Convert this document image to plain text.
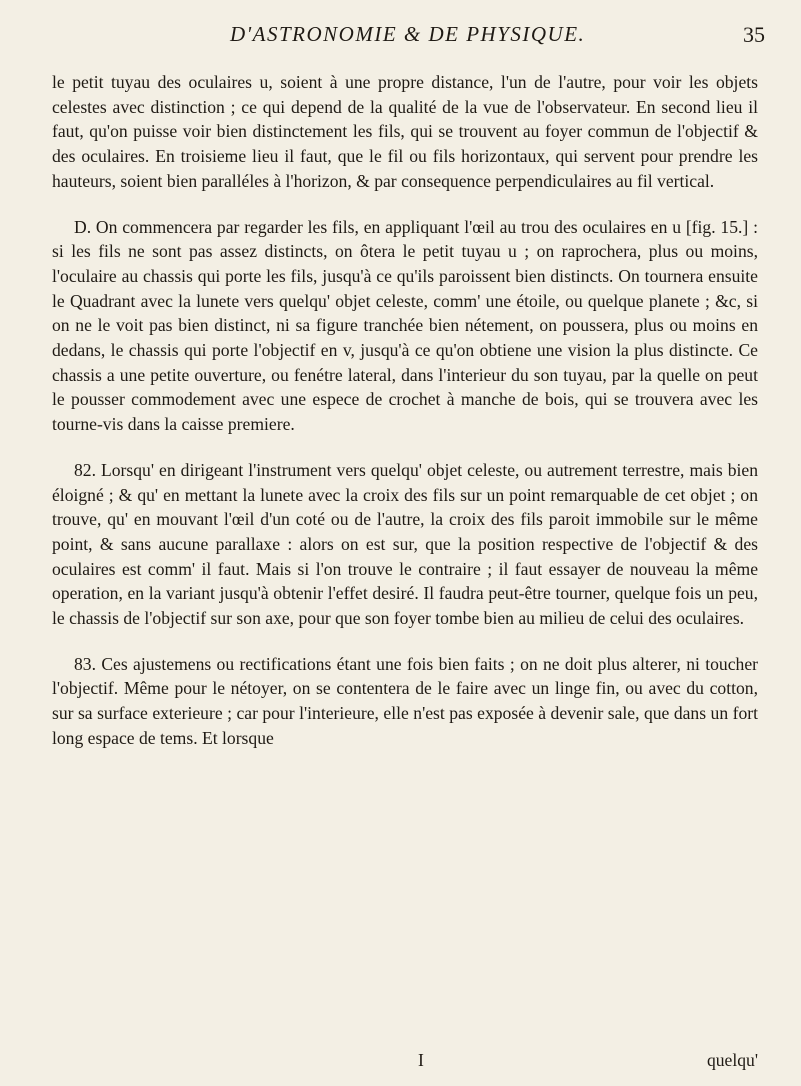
D'ASTRONOMIE & DE PHYSIQUE.	35

le petit tuyau des oculaires u, soient à une propre distance, l'un de l'autre, pour voir les objets celestes avec distinction ; ce qui depend de la qualité de la vue de l'observateur. En second lieu il faut, qu'on puisse voir bien distinctement les fils, qui se trouvent au foyer commun de l'objectif & des oculaires. En troisieme lieu il faut, que le fil ou fils horizontaux, qui servent pour prendre les hauteurs, soient bien paralléles à l'horizon, & par consequence perpendiculaires au fil vertical.

D. On commencera par regarder les fils, en appliquant l'œil au trou des oculaires en u [fig. 15.] : si les fils ne sont pas assez distincts, on ôtera le petit tuyau u ; on raprochera, plus ou moins, l'oculaire au chassis qui porte les fils, jusqu'à ce qu'ils paroissent bien distincts. On tournera ensuite le Quadrant avec la lunete vers quelqu' objet celeste, comm' une étoile, ou quelque planete ; &c, si on ne le voit pas bien distinct, ni sa figure tranchée bien nétement, on poussera, plus ou moins en dedans, le chassis qui porte l'objectif en v, jusqu'à ce qu'on obtiene une vision la plus distincte. Ce chassis a une petite ouverture, ou fenétre lateral, dans l'interieur du son tuyau, par la quelle on peut le pousser commodement avec une espece de crochet à manche de bois, qui se trouvera avec les tourne-vis dans la caisse premiere.

82. Lorsqu' en dirigeant l'instrument vers quelqu' objet celeste, ou autrement terrestre, mais bien éloigné ; & qu' en mettant la lunete avec la croix des fils sur un point remarquable de cet objet ; on trouve, qu' en mouvant l'œil d'un coté ou de l'autre, la croix des fils paroit immobile sur le même point, & sans aucune parallaxe : alors on est sur, que la position respective de l'objectif & des oculaires est comm' il faut. Mais si l'on trouve le contraire ; il faut essayer de nouveau la même operation, en la variant jusqu'à obtenir l'effet desiré. Il faudra peut-être tourner, quelque fois un peu, le chassis de l'objectif sur son axe, pour que son foyer tombe bien au milieu de celui des oculaires.

83. Ces ajustemens ou rectifications étant une fois bien faits ; on ne doit plus alterer, ni toucher l'objectif. Même pour le nétoyer, on se contentera de le faire avec un linge fin, ou avec du cotton, sur sa surface exterieure ; car pour l'interieure, elle n'est pas exposée à devenir sale, que dans un fort long espace de tems. Et lorsque

I	quelqu'
